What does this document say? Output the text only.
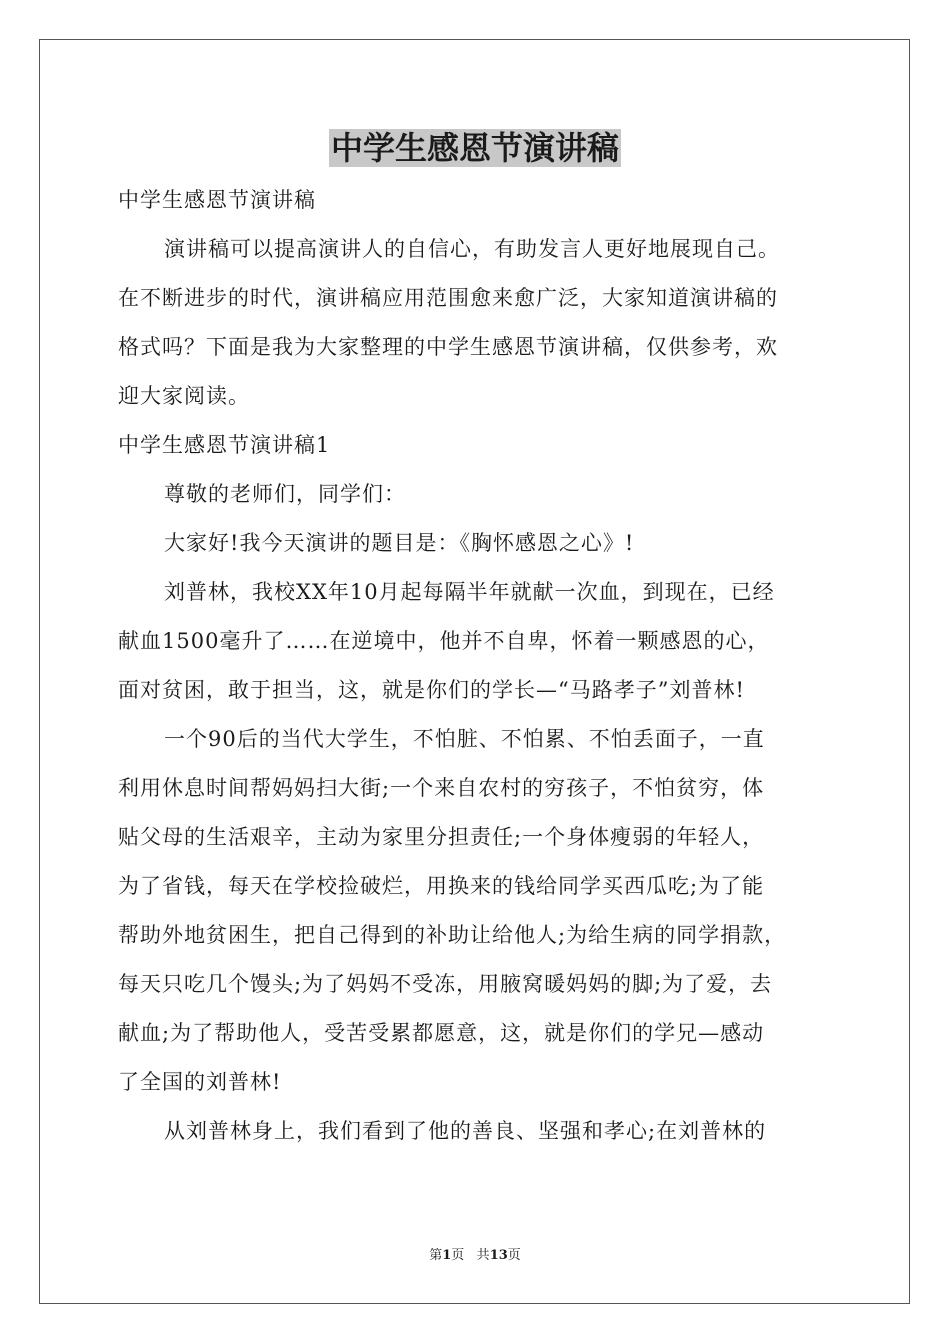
中学生感恩节演讲稿

中学生感恩节演讲稿

演讲稿可以提高演讲人的自信心，有助发言人更好地展现自己。

在不断进步的时代，演讲稿应用范围愈来愈广泛，大家知道演讲稿的

格式吗？下面是我为大家整理的中学生感恩节演讲稿，仅供参考，欢

迎大家阅读。

中学生感恩节演讲稿1

尊敬的老师们，同学们：

大家好!我今天演讲的题目是：《胸怀感恩之心》!

刘普林，我校XX年10月起每隔半年就献一次血，到现在，已经

献血1500毫升了……在逆境中，他并不自卑，怀着一颗感恩的心，

面对贫困，敢于担当，这，就是你们的学长—“马路孝子”刘普林!

一个90后的当代大学生，不怕脏、不怕累、不怕丢面子，一直

利用休息时间帮妈妈扫大街;一个来自农村的穷孩子，不怕贫穷，体

贴父母的生活艰辛，主动为家里分担责任;一个身体瘦弱的年轻人，

为了省钱，每天在学校捡破烂，用换来的钱给同学买西瓜吃;为了能

帮助外地贫困生，把自己得到的补助让给他人;为给生病的同学捐款，

每天只吃几个馒头;为了妈妈不受冻，用腋窝暖妈妈的脚;为了爱，去

献血;为了帮助他人，受苦受累都愿意，这，就是你们的学兄—感动

了全国的刘普林!

从刘普林身上，我们看到了他的善良、坚强和孝心;在刘普林的

第1页 共13页
